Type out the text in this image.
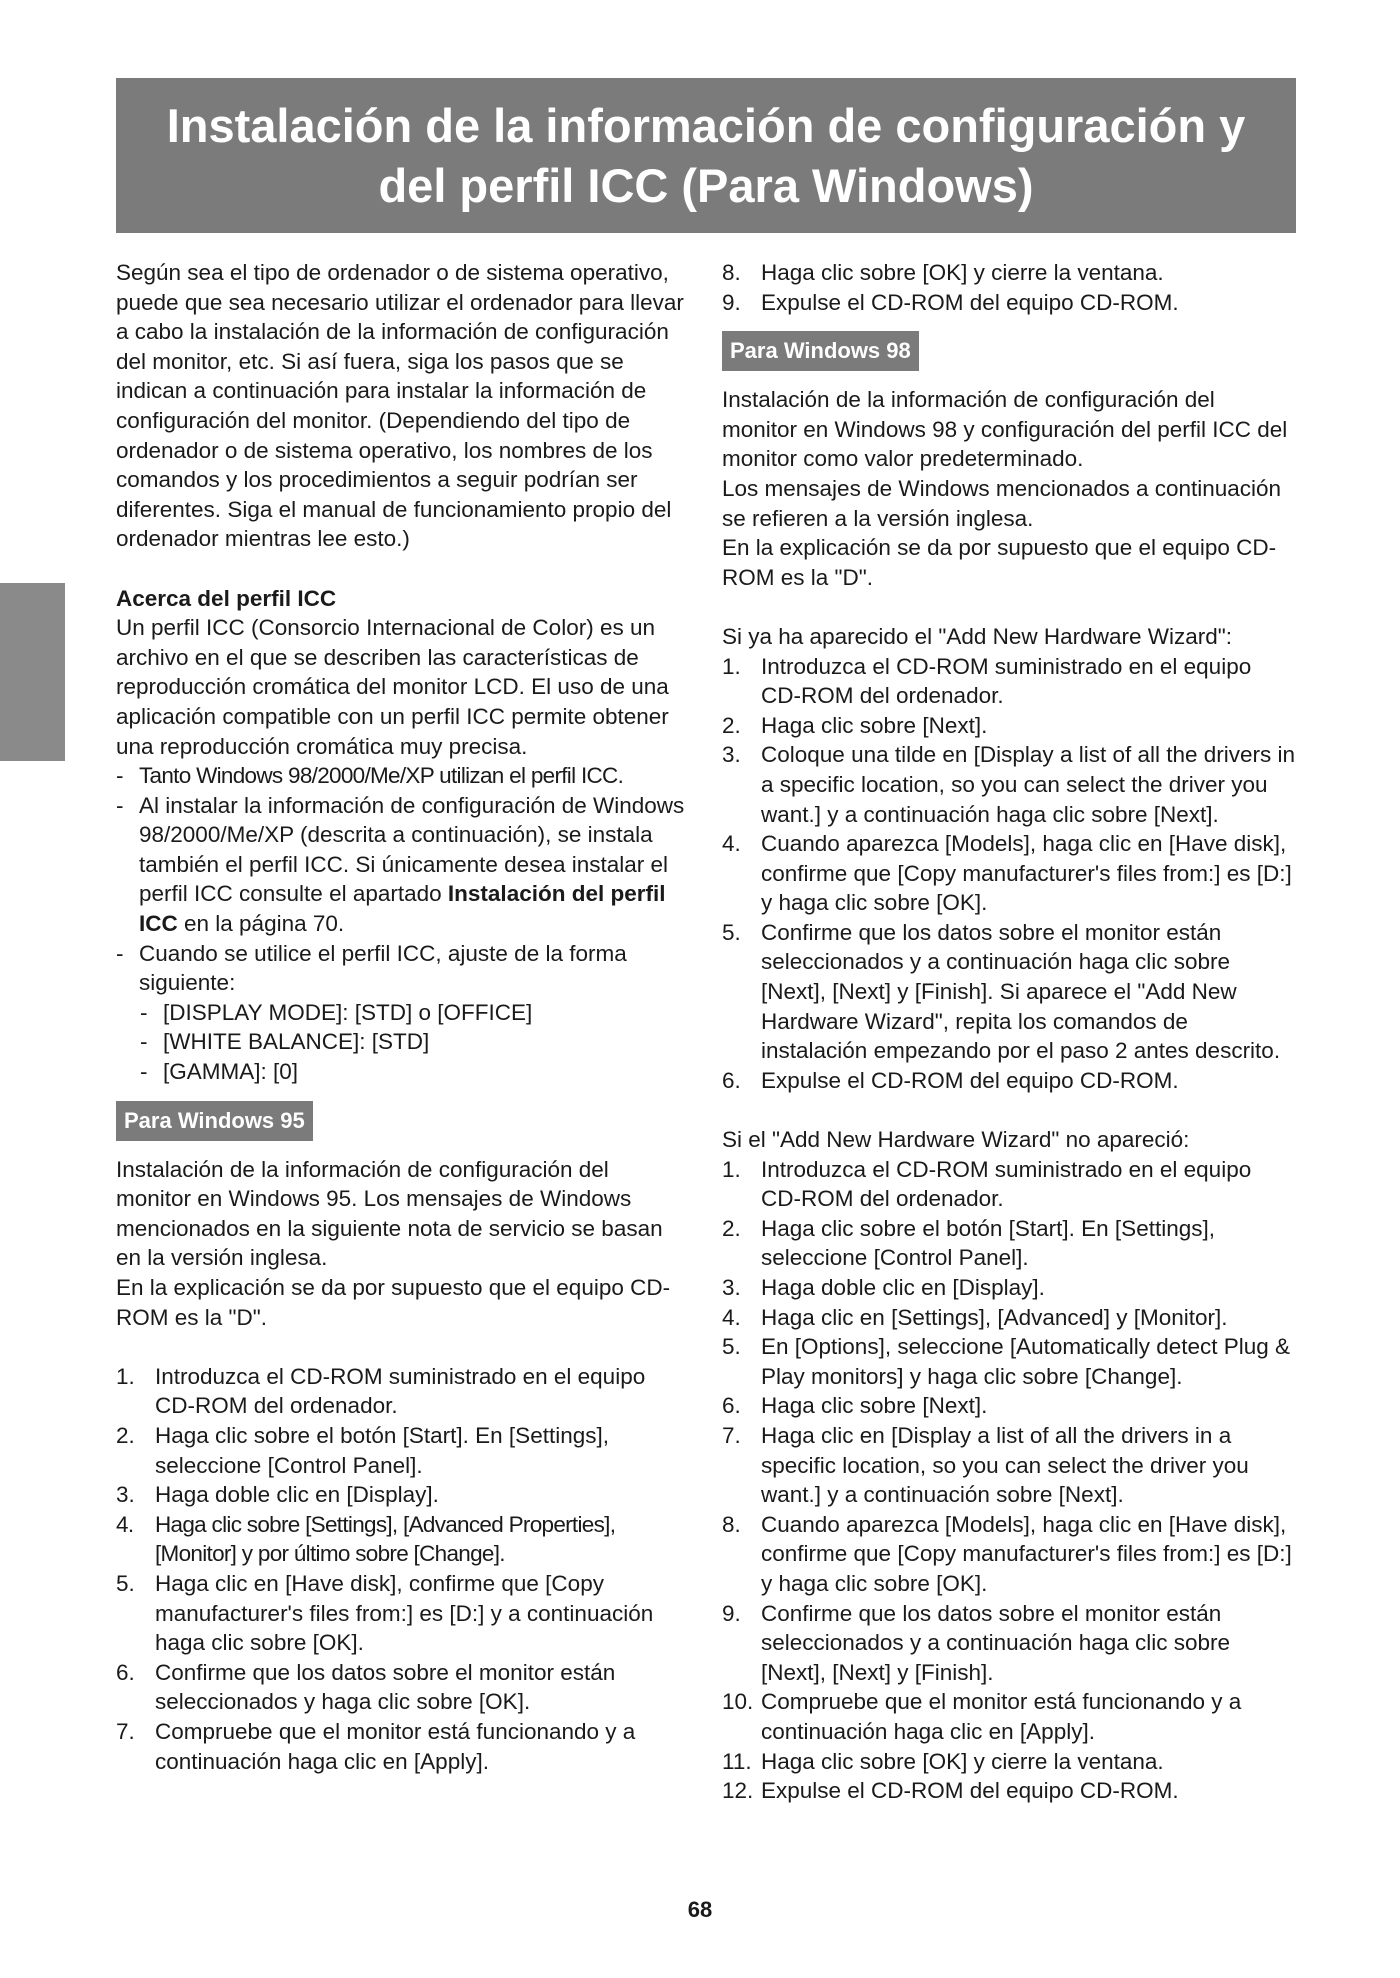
Instalación de la información de configuración y
del perfil ICC (Para Windows)

Según sea el tipo de ordenador o de sistema operativo, puede que sea necesario utilizar el ordenador para llevar a cabo la instalación de la información de configuración del monitor, etc. Si así fuera, siga los pasos que se indican a continuación para instalar la información de configuración del monitor. (Dependiendo del tipo de ordenador o de sistema operativo, los nombres de los comandos y los procedimientos a seguir podrían ser diferentes. Siga el manual de funcionamiento propio del ordenador mientras lee esto.)

Acerca del perfil ICC

Un perfil ICC (Consorcio Internacional de Color) es un archivo en el que se describen las características de reproducción cromática del monitor LCD. El uso de una aplicación compatible con un perfil ICC permite obtener una reproducción cromática muy precisa.

- Tanto Windows 98/2000/Me/XP utilizan el perfil ICC.

- Al instalar la información de configuración de Windows 98/2000/Me/XP (descrita a continuación), se instala también el perfil ICC. Si únicamente desea instalar el perfil ICC consulte el apartado Instalación del perfil ICC en la página 70.

- Cuando se utilice el perfil ICC, ajuste de la forma siguiente:

- [DISPLAY MODE]: [STD] o [OFFICE]

- [WHITE BALANCE]: [STD]

- [GAMMA]: [0]

Para Windows 95

Instalación de la información de configuración del monitor en Windows 95. Los mensajes de Windows mencionados en la siguiente nota de servicio se basan en la versión inglesa.

En la explicación se da por supuesto que el equipo CD-ROM es la "D".

1. Introduzca el CD-ROM suministrado en el equipo CD-ROM del ordenador.
2. Haga clic sobre el botón [Start]. En [Settings], seleccione [Control Panel].
3. Haga doble clic en [Display].
4. Haga clic sobre [Settings], [Advanced Properties], [Monitor] y por último sobre [Change].
5. Haga clic en [Have disk], confirme que [Copy manufacturer's files from:] es [D:] y a continuación haga clic sobre [OK].
6. Confirme que los datos sobre el monitor están seleccionados y haga clic sobre [OK].
7. Compruebe que el monitor está funcionando y a continuación haga clic en [Apply].
8. Haga clic sobre [OK] y cierre la ventana.
9. Expulse el CD-ROM del equipo CD-ROM.
Para Windows 98

Instalación de la información de configuración del monitor en Windows 98 y configuración del perfil ICC del monitor como valor predeterminado.

Los mensajes de Windows mencionados a continuación se refieren a la versión inglesa.

En la explicación se da por supuesto que el equipo CD-ROM es la "D".

Si ya ha aparecido el "Add New Hardware Wizard":

1. Introduzca el CD-ROM suministrado en el equipo CD-ROM del ordenador.
2. Haga clic sobre [Next].
3. Coloque una tilde en [Display a list of all the drivers in a specific location, so you can select the driver you want.] y a continuación haga clic sobre [Next].
4. Cuando aparezca [Models], haga clic en [Have disk], confirme que [Copy manufacturer's files from:] es [D:] y haga clic sobre [OK].
5. Confirme que los datos sobre el monitor están seleccionados y a continuación haga clic sobre [Next], [Next] y [Finish]. Si aparece el "Add New Hardware Wizard", repita los comandos de instalación empezando por el paso 2 antes descrito.
6. Expulse el CD-ROM del equipo CD-ROM.

Si el "Add New Hardware Wizard" no apareció:

1. Introduzca el CD-ROM suministrado en el equipo CD-ROM del ordenador.
2. Haga clic sobre el botón [Start]. En [Settings], seleccione [Control Panel].
3. Haga doble clic en [Display].
4. Haga clic en [Settings], [Advanced] y [Monitor].
5. En [Options], seleccione [Automatically detect Plug & Play monitors] y haga clic sobre [Change].
6. Haga clic sobre [Next].
7. Haga clic en [Display a list of all the drivers in a specific location, so you can select the driver you want.] y a continuación sobre [Next].
8. Cuando aparezca [Models], haga clic en [Have disk], confirme que [Copy manufacturer's files from:] es [D:] y haga clic sobre [OK].
9. Confirme que los datos sobre el monitor están seleccionados y a continuación haga clic sobre [Next], [Next] y [Finish].
10. Compruebe que el monitor está funcionando y a continuación haga clic en [Apply].
11. Haga clic sobre [OK] y cierre la ventana.
12. Expulse el CD-ROM del equipo CD-ROM.
68
